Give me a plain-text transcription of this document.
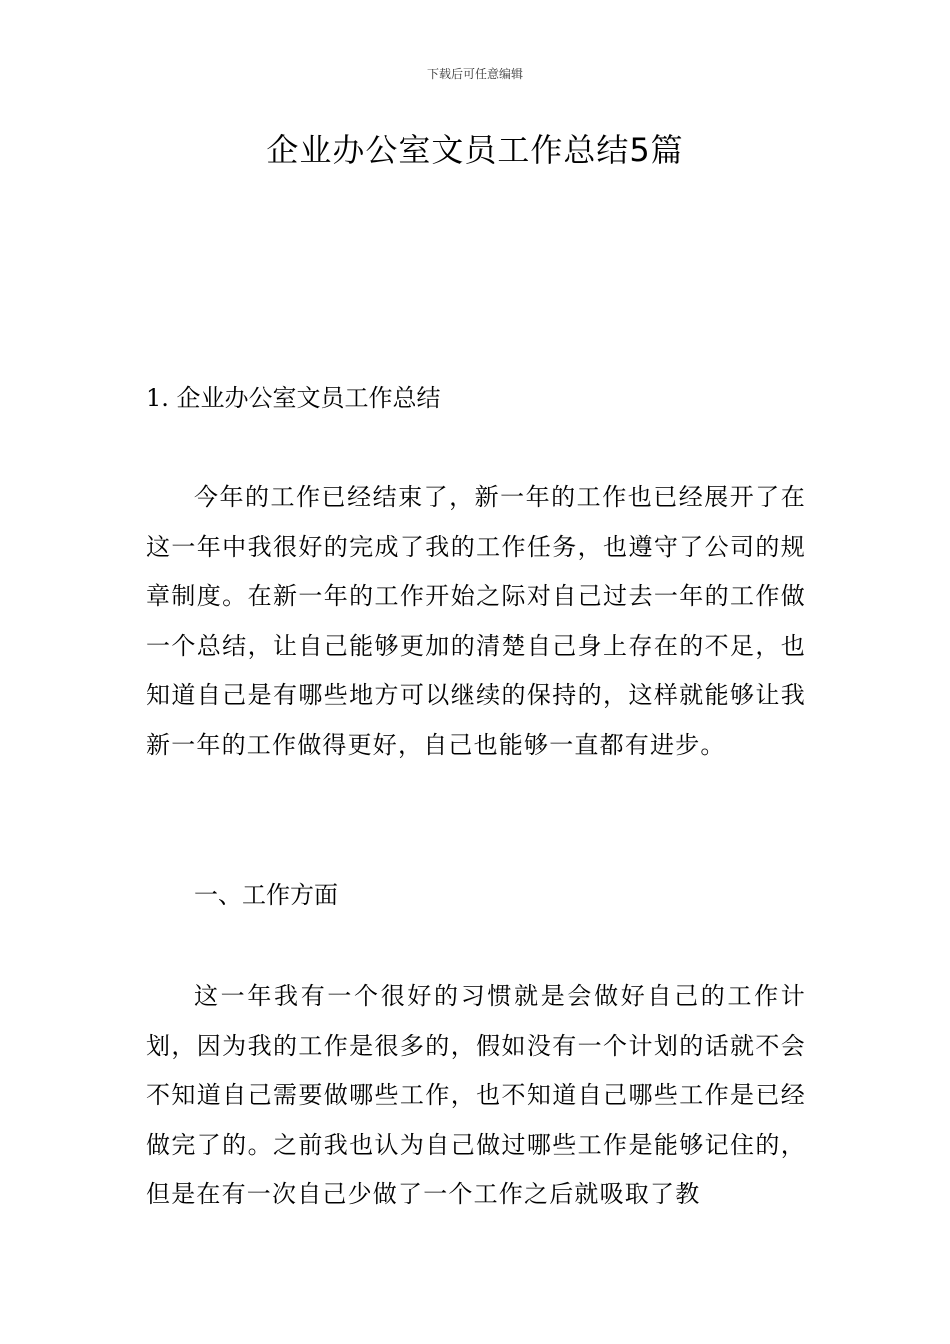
下载后可任意编辑
企业办公室文员工作总结5篇
1. 企业办公室文员工作总结

今年的工作已经结束了，新一年的工作也已经展开了在这一年中我很好的完成了我的工作任务，也遵守了公司的规章制度。在新一年的工作开始之际对自己过去一年的工作做一个总结，让自己能够更加的清楚自己身上存在的不足，也知道自己是有哪些地方可以继续的保持的，这样就能够让我新一年的工作做得更好，自己也能够一直都有进步。

一、工作方面

这一年我有一个很好的习惯就是会做好自己的工作计划，因为我的工作是很多的，假如没有一个计划的话就不会不知道自己需要做哪些工作，也不知道自己哪些工作是已经做完了的。之前我也认为自己做过哪些工作是能够记住的，但是在有一次自己少做了一个工作之后就吸取了教
